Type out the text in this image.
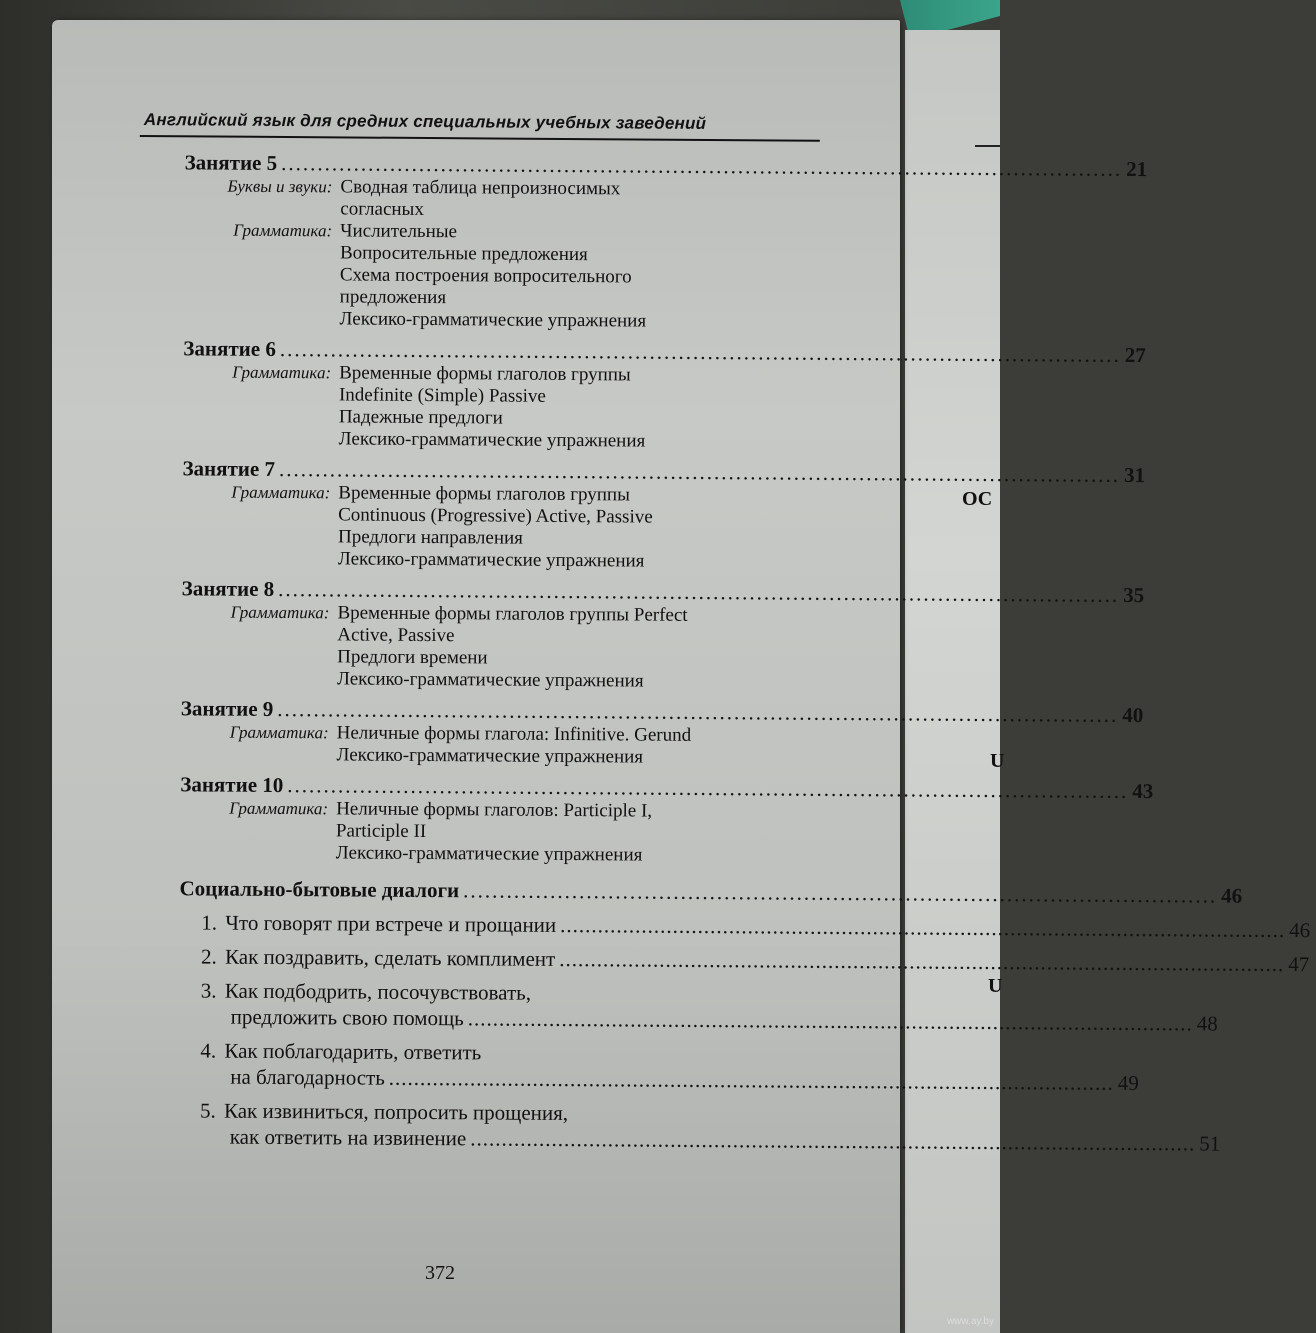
ОС
U
U
Английский язык для средних специальных учебных заведений
Занятие 5 .................................................................................................................... 21
Буквы и звуки: Сводная таблица непроизносимых
согласных
Грамматика: Числительные
Вопросительные предложения
Схема построения вопросительного
предложения
Лексико-грамматические упражнения
Занятие 6 .................................................................................................................... 27
Грамматика: Временные формы глаголов группы
Indefinite (Simple) Passive
Падежные предлоги
Лексико-грамматические упражнения
Занятие 7 .................................................................................................................... 31
Грамматика: Временные формы глаголов группы
Continuous (Progressive) Active, Passive
Предлоги направления
Лексико-грамматические упражнения
Занятие 8 .................................................................................................................... 35
Грамматика: Временные формы глаголов группы Perfect
Active, Passive
Предлоги времени
Лексико-грамматические упражнения
Занятие 9 .................................................................................................................... 40
Грамматика: Неличные формы глагола: Infinitive. Gerund
Лексико-грамматические упражнения
Занятие 10 .................................................................................................................... 43
Грамматика: Неличные формы глаголов: Participle I,
Participle II
Лексико-грамматические упражнения
Социально-бытовые диалоги ........................................................................................................ 46
1. Что говорят при встрече и прощании .................................................................................................................... 46
2. Как поздравить, сделать комплимент .................................................................................................................... 47
3. Как подбодрить, посочувствовать,
предложить свою помощь .................................................................................................................... 48
4. Как поблагодарить, ответить
на благодарность .................................................................................................................... 49
5. Как извиниться, попросить прощения,
как ответить на извинение .................................................................................................................... 51
372
www.ay.by
